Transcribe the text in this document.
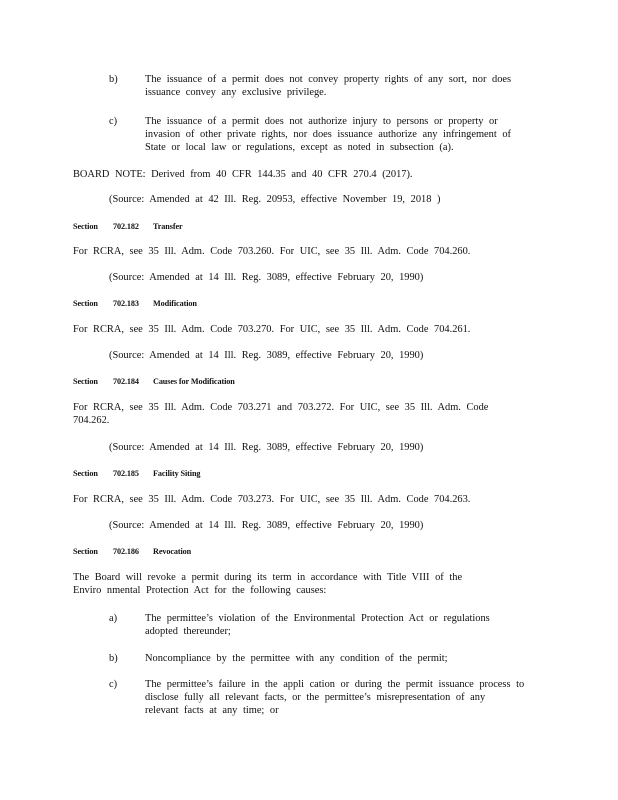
b)	The issuance of a permit does not convey property rights of any sort, nor does
issuance convey any exclusive privilege.
c)	The issuance of a permit does not authorize injury to persons or property or
invasion of other private rights, nor does issuance authorize any infringement of
State or local law or regulations, except as noted in subsection (a).
BOARD NOTE: Derived from 40 CFR 144.35 and 40 CFR 270.4 (2017).
(Source: Amended at 42 Ill. Reg. 20953, effective November 19, 2018 )
Section 702.182 Transfer
For RCRA, see 35 Ill. Adm. Code 703.260. For UIC, see 35 Ill. Adm. Code 704.260.
(Source: Amended at 14 Ill. Reg. 3089, effective February 20, 1990)
Section 702.183 Modification
For RCRA, see 35 Ill. Adm. Code 703.270. For UIC, see 35 Ill. Adm. Code 704.261.
(Source: Amended at 14 Ill. Reg. 3089, effective February 20, 1990)
Section 702.184 Causes for Modification
For RCRA, see 35 Ill. Adm. Code 703.271 and 703.272. For UIC, see 35 Ill. Adm. Code
704.262.
(Source: Amended at 14 Ill. Reg. 3089, effective February 20, 1990)
Section 702.185 Facility Siting
For RCRA, see 35 Ill. Adm. Code 703.273. For UIC, see 35 Ill. Adm. Code 704.263.
(Source: Amended at 14 Ill. Reg. 3089, effective February 20, 1990)
Section 702.186 Revocation
The Board will revoke a permit during its term in accordance with Title VIII of the
Enviro nmental Protection Act for the following causes:
a)	The permittee’s violation of the Environmental Protection Act or regulations
adopted thereunder;
b)	Noncompliance by the permittee with any condition of the permit;
c)	The permittee’s failure in the appli cation or during the permit issuance process to
disclose fully all relevant facts, or the permittee’s misrepresentation of any
relevant facts at any time; or
